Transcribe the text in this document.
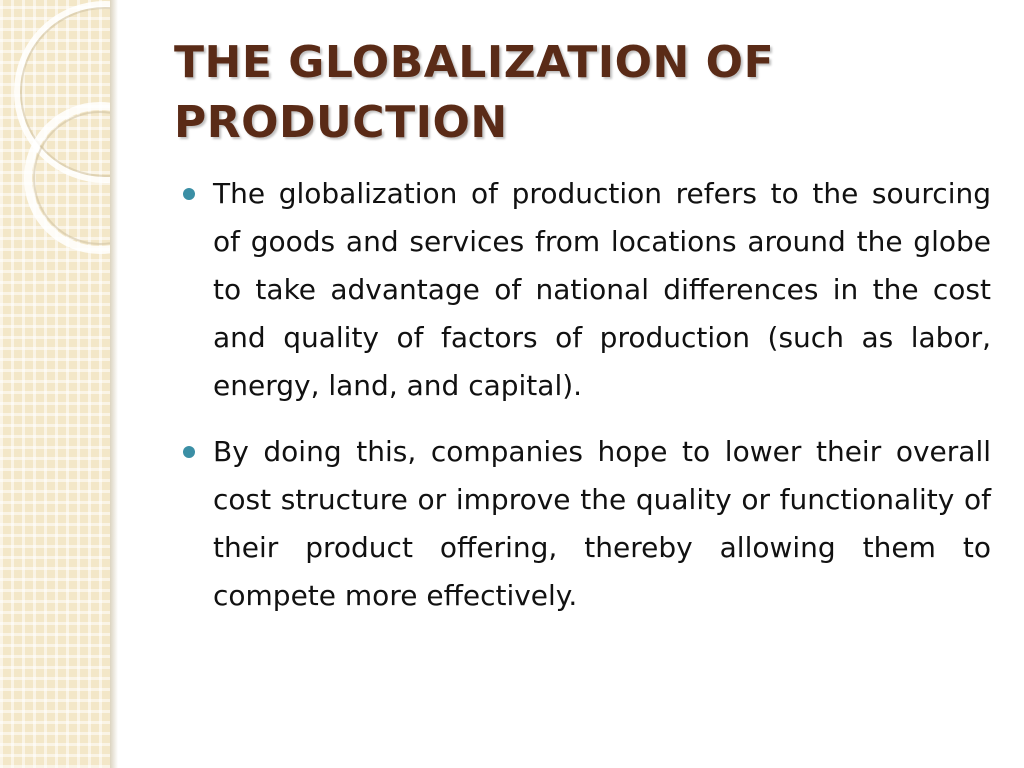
THE GLOBALIZATION OF PRODUCTION
The globalization of production refers to the sourcing of goods and services from locations around the globe to take advantage of national differences in the cost and quality of factors of production (such as labor, energy, land, and capital).
By doing this, companies hope to lower their overall cost structure or improve the quality or functionality of their product offering, thereby allowing them to compete more effectively.
